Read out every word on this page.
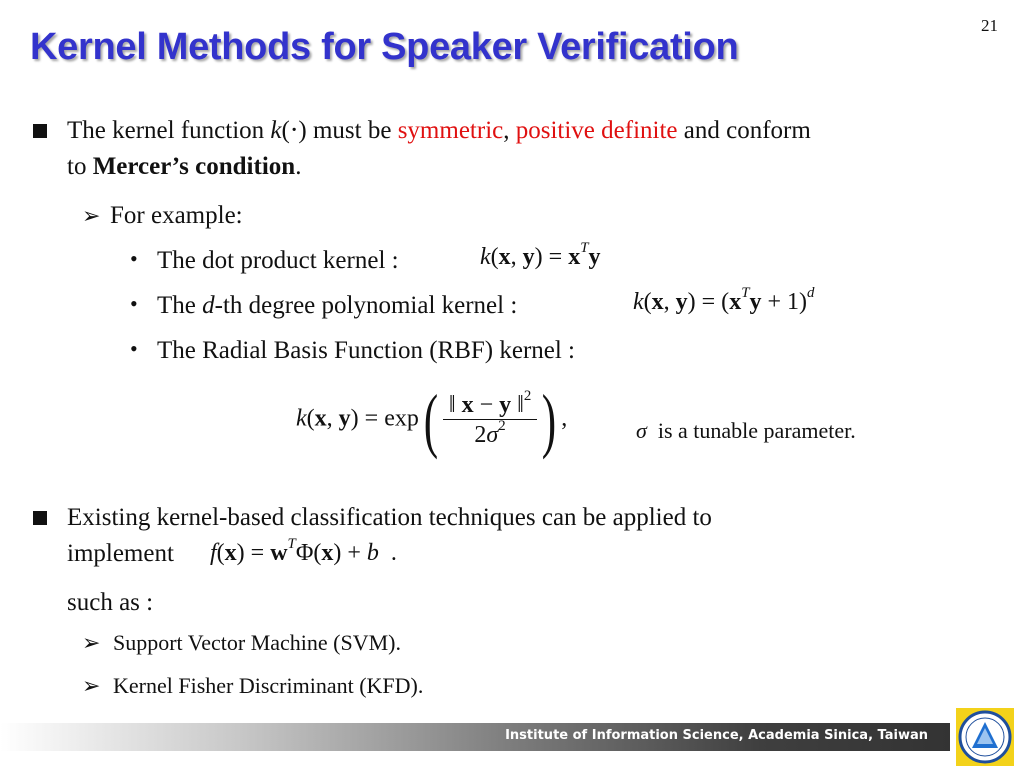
21
Kernel Methods for Speaker Verification
The kernel function k(⋅) must be symmetric, positive definite and conform
to Mercer’s condition.
➢ For example:
• The dot product kernel :	k(x, $y) = x^Ty$
• The d-th degree polynomial kernel :	k(x, $y) = (x^Ty + 1)^d$
• The Radial Basis Function (RBF) kernel :
k(x, $y) = \exp( \frac{‖ x - y ‖^2}{2\sigma^2}$ ) ,	σ is a tunable parameter.
Existing kernel-based classification techniques can be applied to
implement	$f(x) = w^T\Phi(x) + b$ .
such as :
➢ Support Vector Machine (SVM).
➢ Kernel Fisher Discriminant (KFD).
Institute of Information Science, Academia Sinica, Taiwan
